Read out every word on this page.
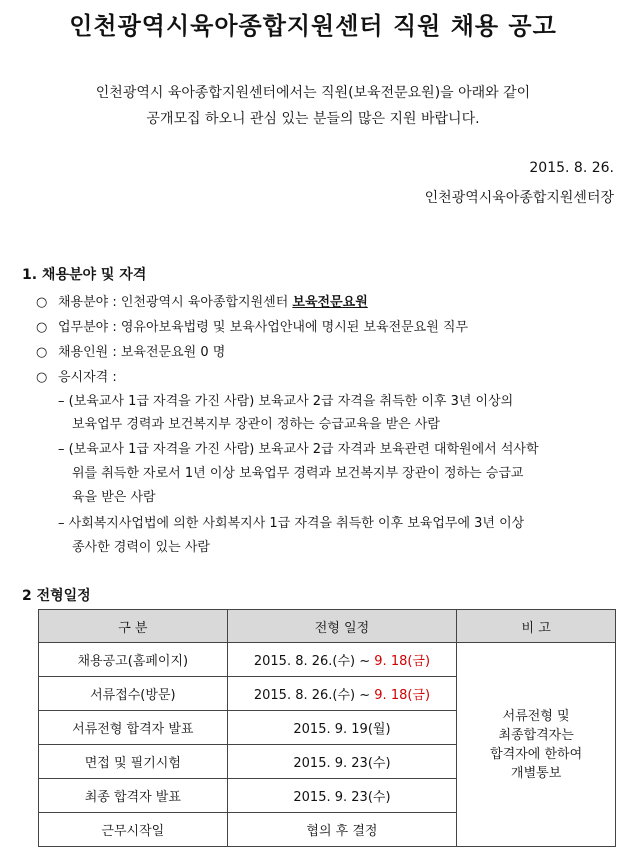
인천광역시육아종합지원센터 직원 채용 공고
인천광역시 육아종합지원센터에서는 직원(보육전문요원)을 아래와 같이
공개모집 하오니 관심 있는 분들의 많은 지원 바랍니다.
2015. 8. 26.
인천광역시육아종합지원센터장
1. 채용분야 및 자격
○ 채용분야 : 인천광역시 육아종합지원센터 보육전문요원
○ 업무분야 : 영유아보육법령 및 보육사업안내에 명시된 보육전문요원 직무
○ 채용인원 : 보육전문요원 0 명
○ 응시자격 :
– (보육교사 1급 자격을 가진 사람) 보육교사 2급 자격을 취득한 이후 3년 이상의
보육업무 경력과 보건복지부 장관이 정하는 승급교육을 받은 사람
– (보육교사 1급 자격을 가진 사람) 보육교사 2급 자격과 보육관련 대학원에서 석사학
위를 취득한 자로서 1년 이상 보육업무 경력과 보건복지부 장관이 정하는 승급교
육을 받은 사람
– 사회복지사업법에 의한 사회복지사 1급 자격을 취득한 이후 보육업무에 3년 이상
종사한 경력이 있는 사람
2 전형일정
구 분	전형 일정	비 고
채용공고(홈페이지)	2015. 8. 26.(수) ~ 9. 18(금)	서류전형 및
최종합격자는
합격자에 한하여
개별통보

서류접수(방문)	2015. 8. 26.(수) ~ 9. 18(금)	
서류전형 합격자 발표	2015. 9. 19(월)	
면접 및 필기시험	2015. 9. 23(수)	
최종 합격자 발표	2015. 9. 23(수)	
근무시작일	협의 후 결정	
